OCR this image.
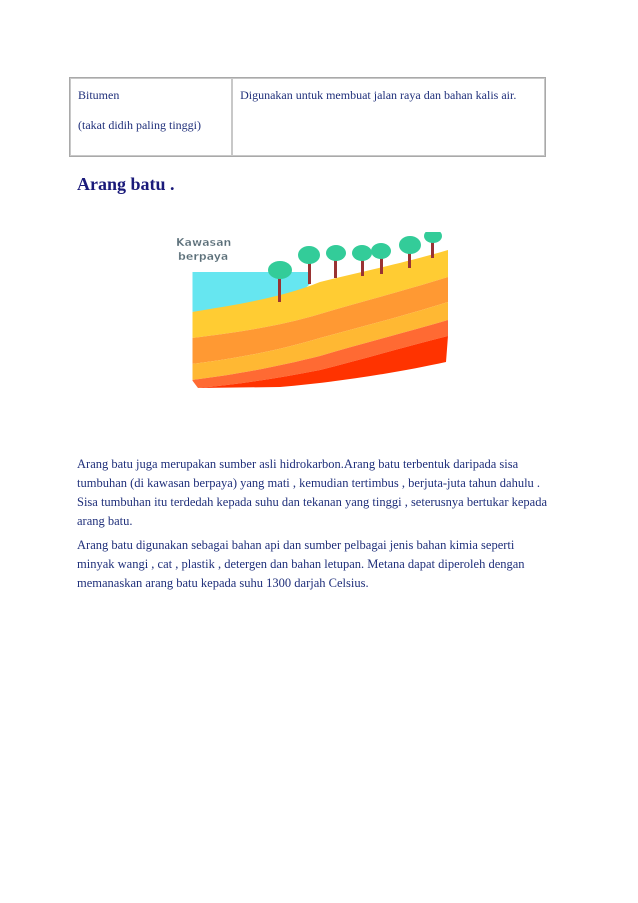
Bitumen
(takat didih paling tinggi)	Digunakan untuk membuat jalan raya dan bahan kalis air.
Arang batu .
Kawasan
berpaya

Arang batu juga merupakan sumber asli hidrokarbon.Arang batu terbentuk daripada sisa tumbuhan (di kawasan berpaya) yang mati , kemudian tertimbus , berjuta-juta tahun dahulu . Sisa tumbuhan itu terdedah kepada suhu dan tekanan yang tinggi , seterusnya bertukar kepada arang batu.

Arang batu digunakan sebagai bahan api dan sumber pelbagai jenis bahan kimia seperti minyak wangi , cat , plastik , detergen dan bahan letupan. Metana dapat diperoleh dengan memanaskan arang batu kepada suhu 1300 darjah Celsius.
